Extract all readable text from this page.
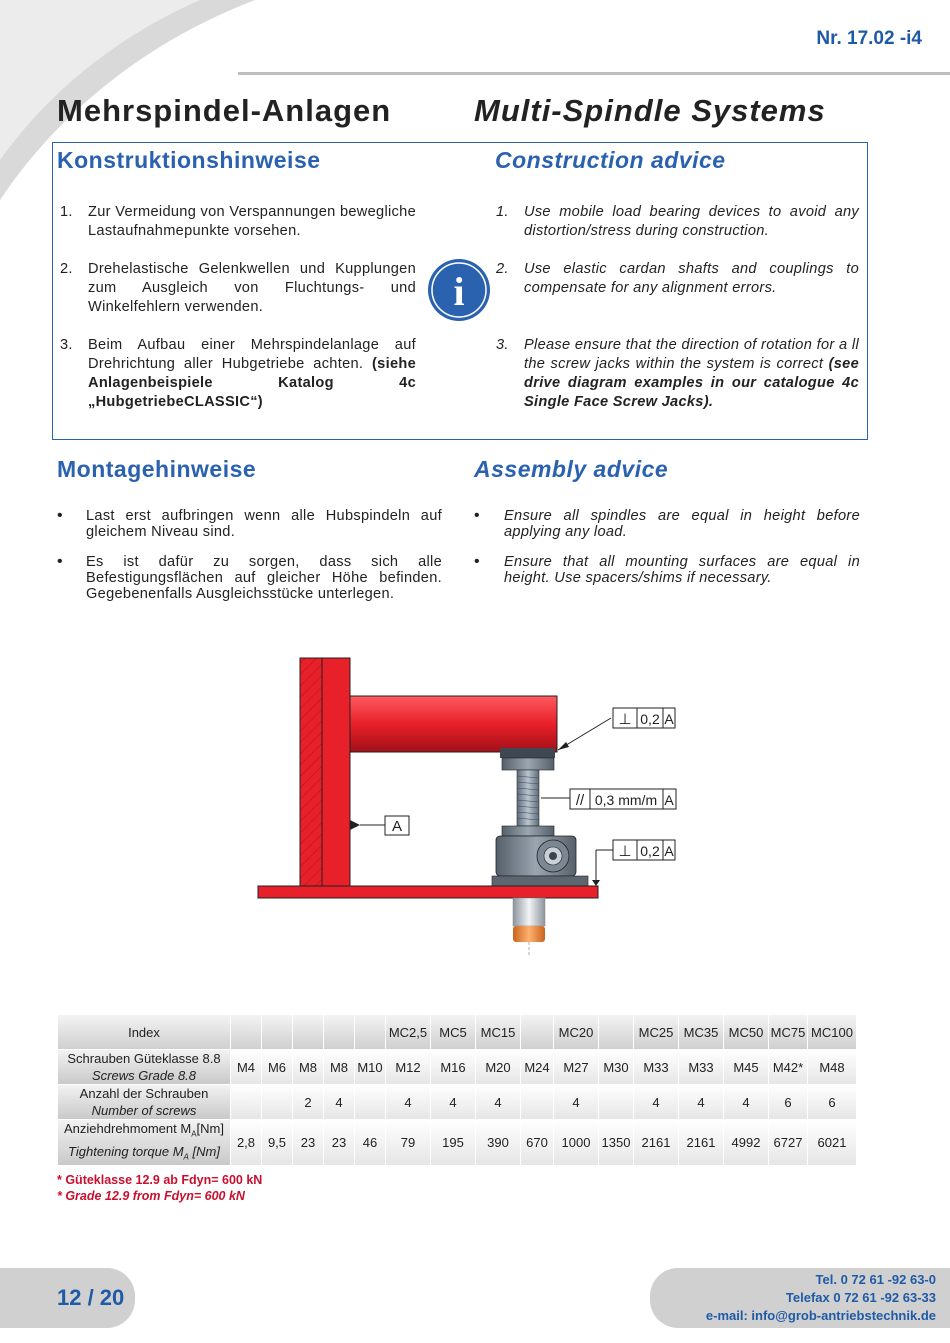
Nr. 17.02 -i4
Mehrspindel-Anlagen	Multi-Spindle Systems
Konstruktionshinweise	Construction advice
1.	Zur Vermeidung von Verspannungen bewegliche Lastaufnahmepunkte vorsehen.
2.	Drehelastische Gelenkwellen und Kupplungen zum Ausgleich von Fluchtungs- und Winkelfehlern verwenden.
3.	Beim Aufbau einer Mehrspindelanlage auf Drehrichtung aller Hubgetriebe achten. (siehe Anlagenbeispiele Katalog 4c „HubgetriebeCLASSIC“)
i
1.	Use mobile load bearing devices to avoid any distortion/stress during construction.
2.	Use elastic cardan shafts and couplings to compensate for any alignment errors.
3.	Please ensure that the direction of rotation for a ll the screw jacks within the system is correct (see drive diagram examples in our catalogue 4c Single Face Screw Jacks).
Montagehinweise	Assembly advice
•	Last erst aufbringen wenn alle Hubspindeln auf gleichem Niveau sind.
•	Es ist dafür zu sorgen, dass sich alle Befestigungsflächen auf gleicher Höhe befinden. Gegebenenfalls Ausgleichsstücke unterlegen.
•	Ensure all spindles are equal in height before applying any load.
•	Ensure that all mounting surfaces are equal in height. Use spacers/shims if necessary.
A
⊥ 0,2 A
// 0,3 mm/m A
⊥ 0,2 A
Index						MC2,5	MC5	MC15		MC20		MC25	MC35	MC50	MC75	MC100

Schrauben Güteklasse 8.8
Screws Grade 8.8	M4	M6	M8	M8	M10	M12	M16	M20	M24	M27	M30	M33	M33	M45	M42*	M48

Anzahl der Schrauben
Number of screws			2	4		4	4	4		4		4	4	4	6	6

Anziehdrehmoment $M_A[Nm]$
Tightening torque $M_A$ [Nm]	2,8	9,5	23	23	46	79	195	390	670	1000	1350	2161	2161	4992	6727	6021
* Güteklasse 12.9 ab Fdyn= 600 kN
* Grade 12.9 from Fdyn= 600 kN
12 / 20
Tel. 0 72 61 -92 63-0
Telefax 0 72 61 -92 63-33
e-mail: info@grob-antriebstechnik.de
